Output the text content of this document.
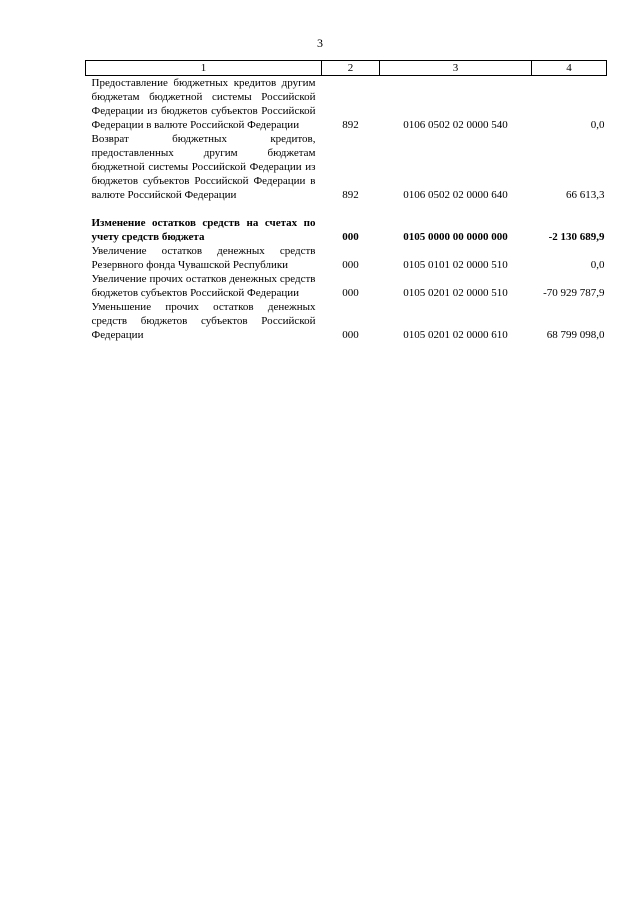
3
1	2	3	4
Предоставление бюджетных кредитов другим бюджетам бюджетной системы Российской Федерации из бюджетов субъектов Российской Федерации в валюте Российской Федерации	892	0106 0502 02 0000 540	0,0
Возврат бюджетных кредитов, предоставленных другим бюджетам бюджетной системы Российской Федерации из бюджетов субъектов Российской Федерации в валюте Российской Федерации	892	0106 0502 02 0000 640	66 613,3

Изменение остатков средств на счетах по учету средств бюджета	000	0105 0000 00 0000 000	-2 130 689,9
Увеличение остатков денежных средств Резервного фонда Чувашской Республики	000	0105 0101 02 0000 510	0,0
Увеличение прочих остатков денежных средств бюджетов субъектов Российской Федерации	000	0105 0201 02 0000 510	-70 929 787,9
Уменьшение прочих остатков денежных средств бюджетов субъектов Российской Федерации	000	0105 0201 02 0000 610	68 799 098,0
